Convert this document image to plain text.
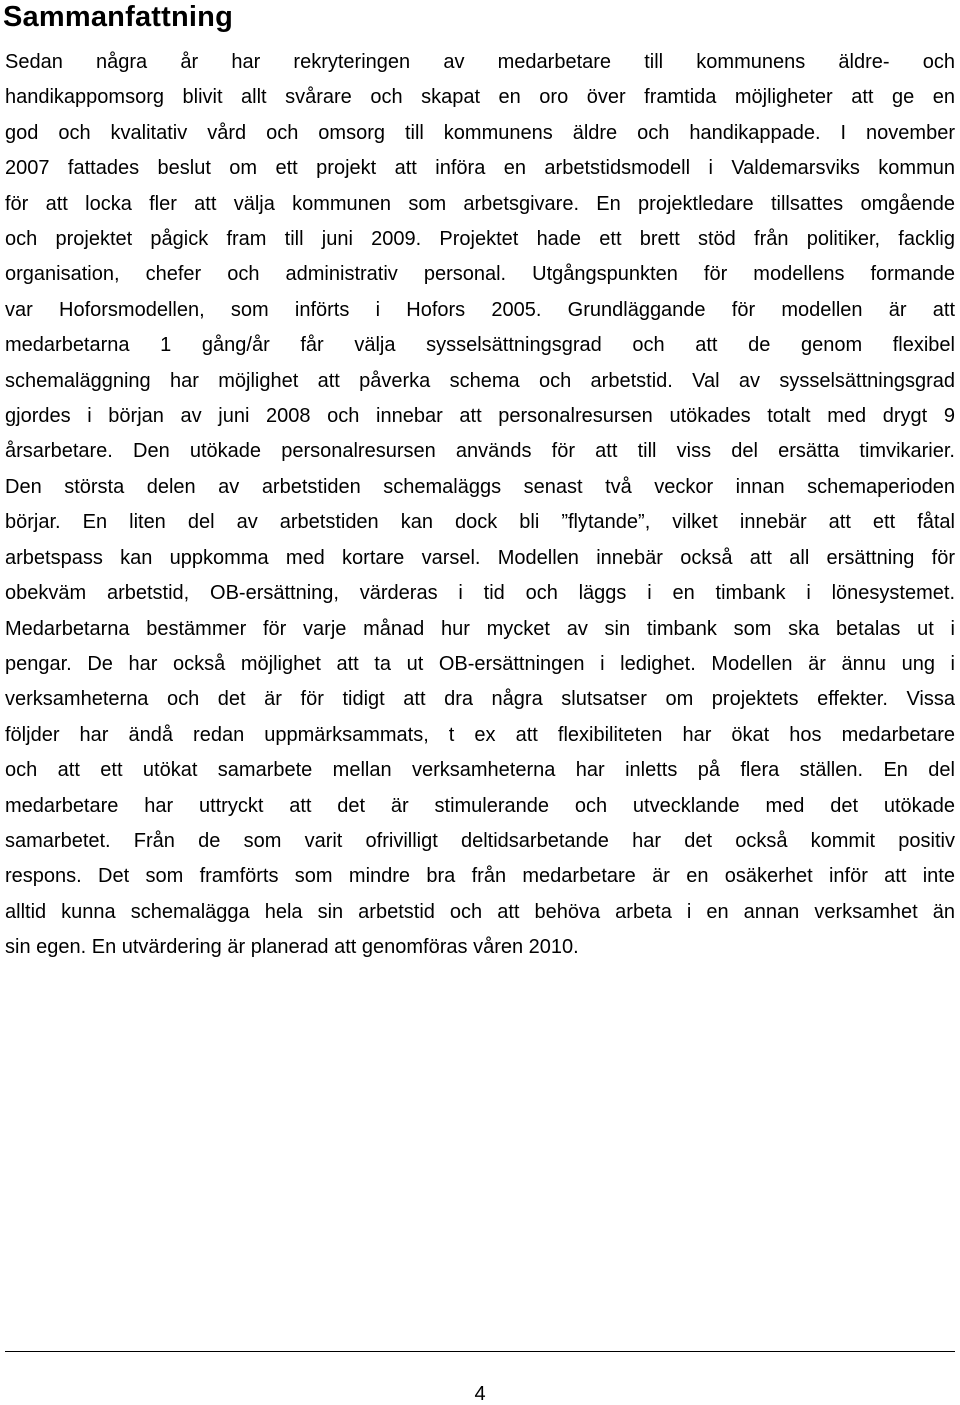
Sammanfattning
Sedan några år har rekryteringen av medarbetare till kommunens äldre- och
handikappomsorg blivit allt svårare och skapat en oro över framtida möjligheter att ge en
god och kvalitativ vård och omsorg till kommunens äldre och handikappade. I november
2007 fattades beslut om ett projekt att införa en arbetstidsmodell i Valdemarsviks kommun
för att locka fler att välja kommunen som arbetsgivare. En projektledare tillsattes omgående
och projektet pågick fram till juni 2009. Projektet hade ett brett stöd från politiker, facklig
organisation, chefer och administrativ personal. Utgångspunkten för modellens formande
var Hoforsmodellen, som införts i Hofors 2005. Grundläggande för modellen är att
medarbetarna 1 gång/år får välja sysselsättningsgrad och att de genom flexibel
schemaläggning har möjlighet att påverka schema och arbetstid. Val av sysselsättningsgrad
gjordes i början av juni 2008 och innebar att personalresursen utökades totalt med drygt 9
årsarbetare. Den utökade personalresursen används för att till viss del ersätta timvikarier.
Den största delen av arbetstiden schemaläggs senast två veckor innan schemaperioden
börjar. En liten del av arbetstiden kan dock bli ”flytande”, vilket innebär att ett fåtal
arbetspass kan uppkomma med kortare varsel. Modellen innebär också att all ersättning för
obekväm arbetstid, OB-ersättning, värderas i tid och läggs i en timbank i lönesystemet.
Medarbetarna bestämmer för varje månad hur mycket av sin timbank som ska betalas ut i
pengar. De har också möjlighet att ta ut OB-ersättningen i ledighet. Modellen är ännu ung i
verksamheterna och det är för tidigt att dra några slutsatser om projektets effekter. Vissa
följder har ändå redan uppmärksammats, t ex att flexibiliteten har ökat hos medarbetare
och att ett utökat samarbete mellan verksamheterna har inletts på flera ställen. En del
medarbetare har uttryckt att det är stimulerande och utvecklande med det utökade
samarbetet. Från de som varit ofrivilligt deltidsarbetande har det också kommit positiv
respons. Det som framförts som mindre bra från medarbetare är en osäkerhet inför att inte
alltid kunna schemalägga hela sin arbetstid och att behöva arbeta i en annan verksamhet än
sin egen. En utvärdering är planerad att genomföras våren 2010.
4
